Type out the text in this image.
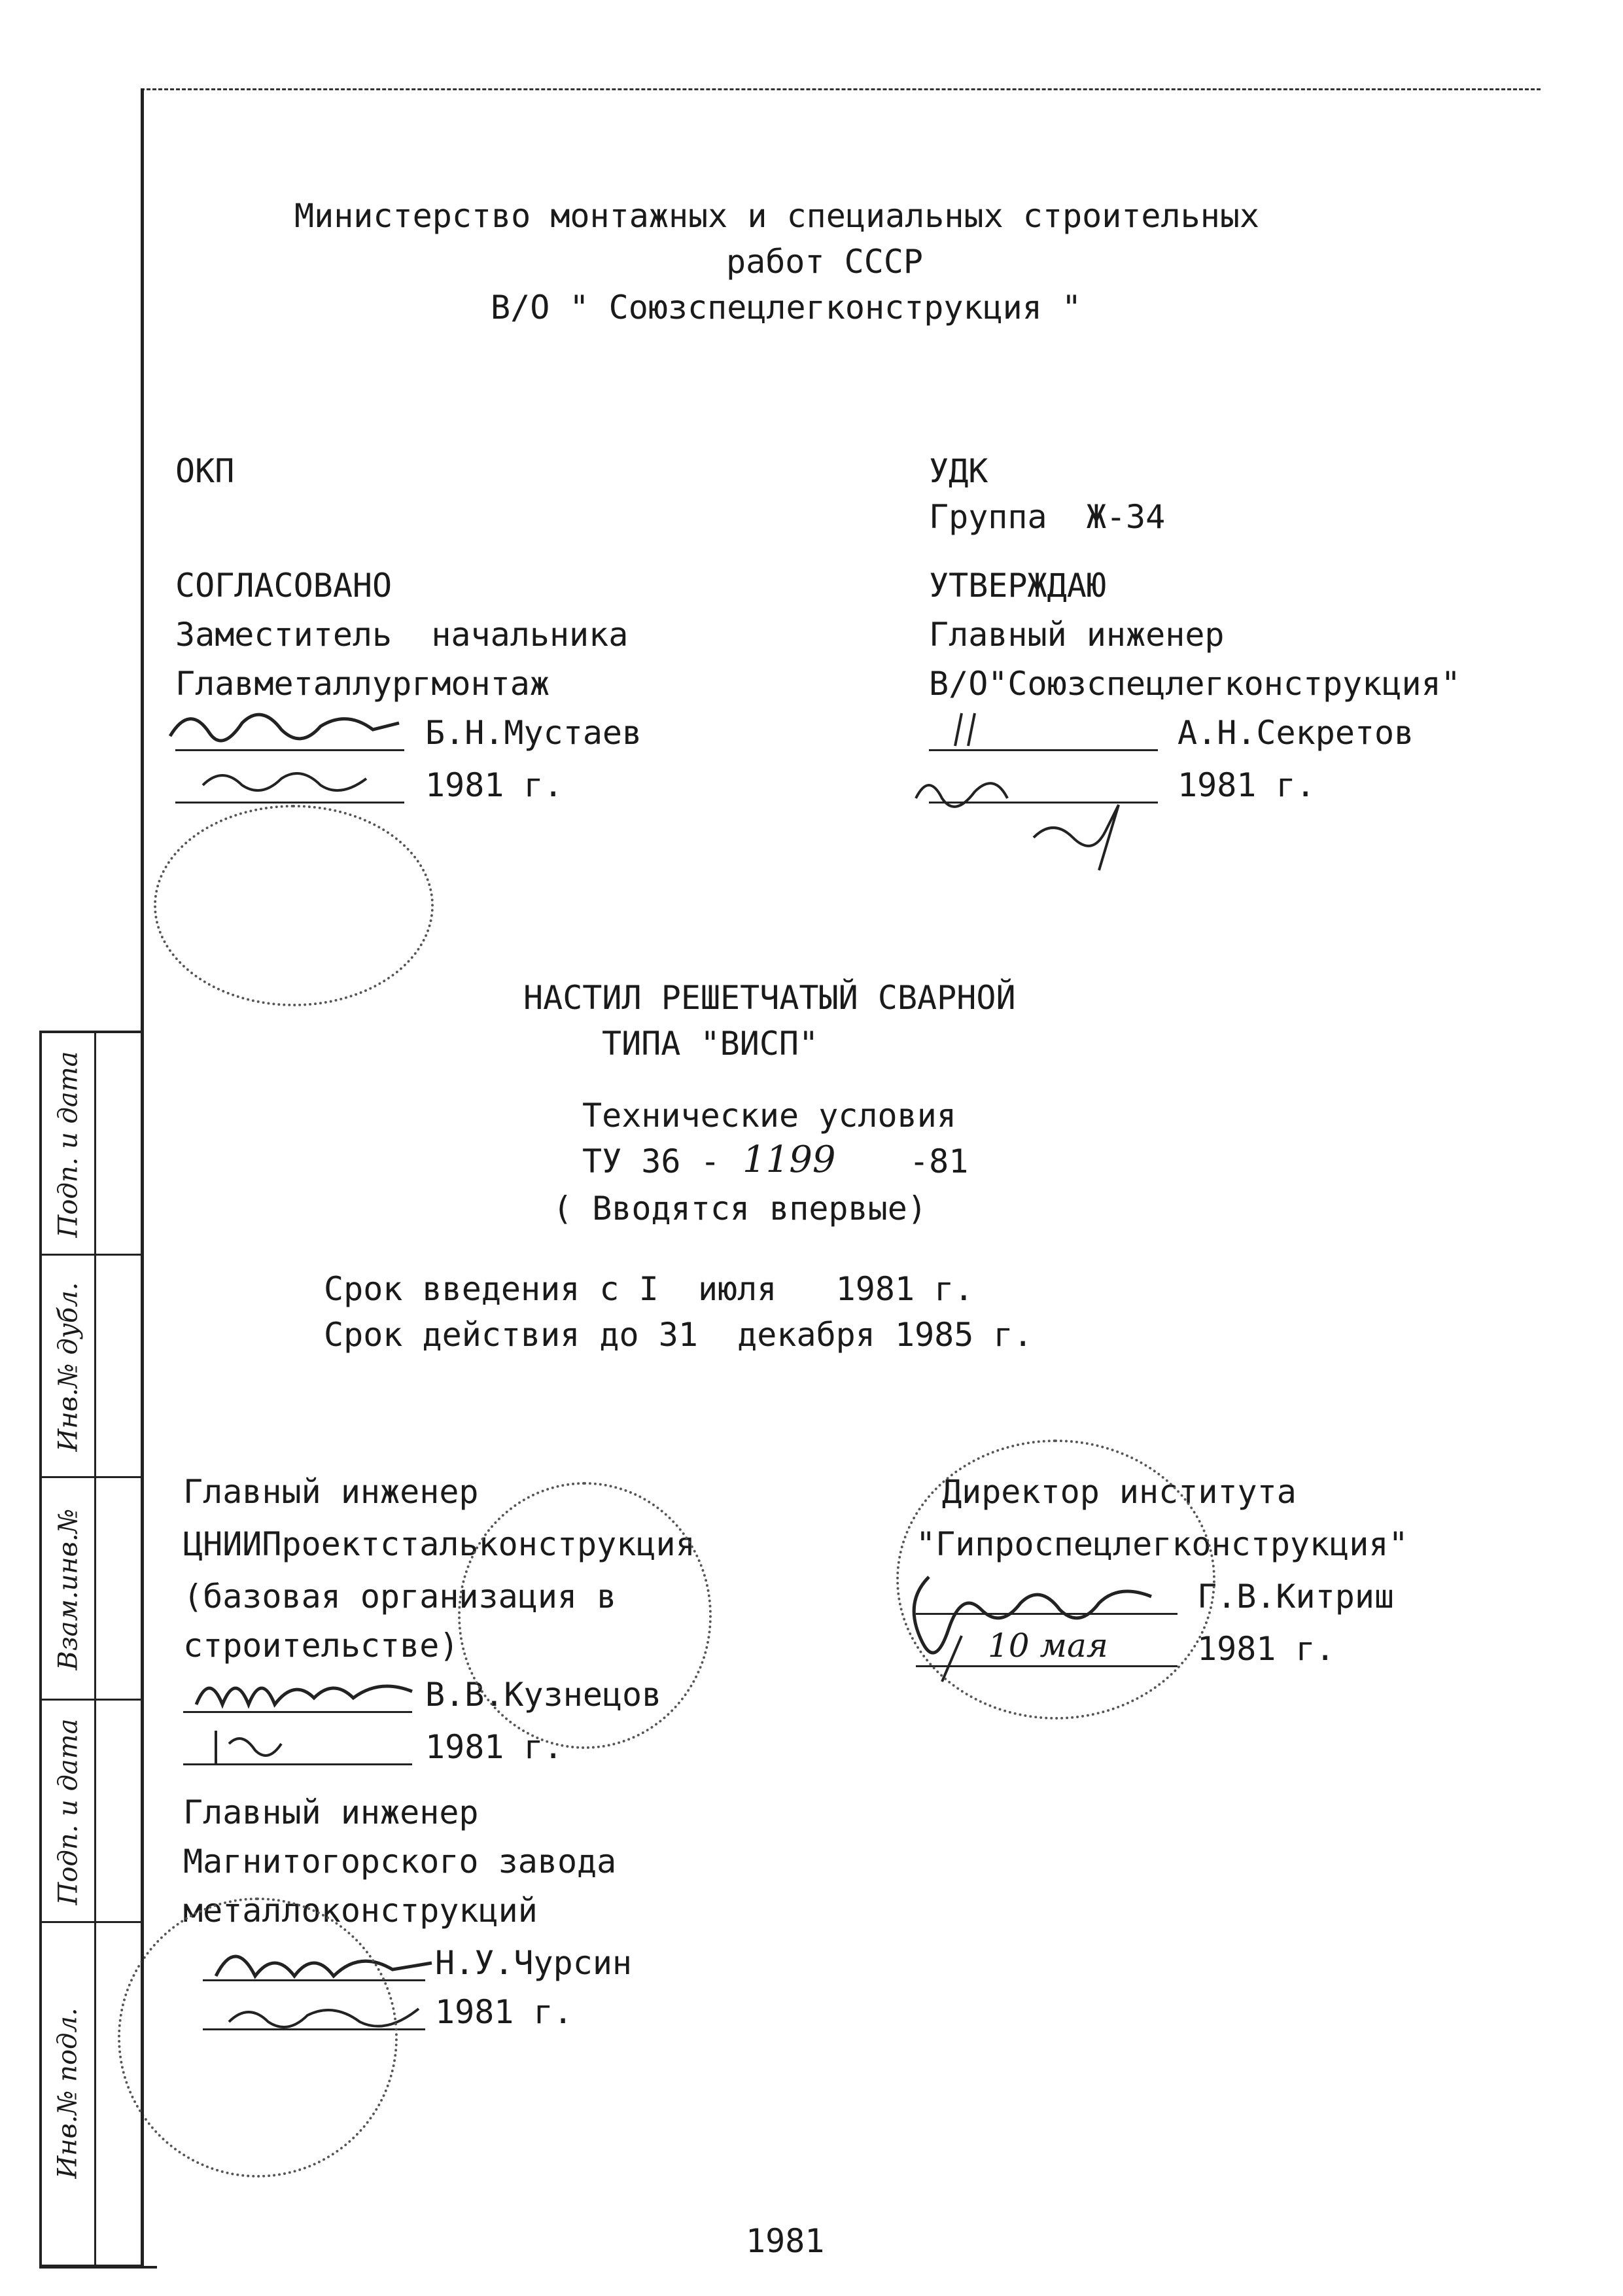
Министерство монтажных и специальных строительных
работ СССР
В/О " Союзспецлегконструкция "
ОКП	УДК
Группа  Ж-34
СОГЛАСОВАНО
Заместитель  начальника
Главметаллургмонтаж
Б.Н.Мустаев
1981 г.
УТВЕРЖДАЮ
Главный инженер
В/О"Союзспецлегконструкция"
А.Н.Секретов
1981 г.
НАСТИЛ РЕШЕТЧАТЫЙ СВАРНОЙ
ТИПА "ВИСП"
Технические условия
ТУ 36 - 1199 -81
( Вводятся впервые)
Срок введения с I  июля   1981 г.
Срок действия до 31  декабря 1985 г.
Главный инженер
ЦНИИПроектстальконструкция
(базовая организация в
строительстве)
В.В.Кузнецов
1981 г.
Главный инженер
Магнитогорского завода
металлоконструкций
Н.У.Чурсин
1981 г.
Директор института
"Гипроспецлегконструкция"
Г.В.Китриш
10 мая	1981 г.
Подп. и дата
Инв.№ дубл.
Взам.инв.№
Подп. и дата
Инв.№ подл.
1981
